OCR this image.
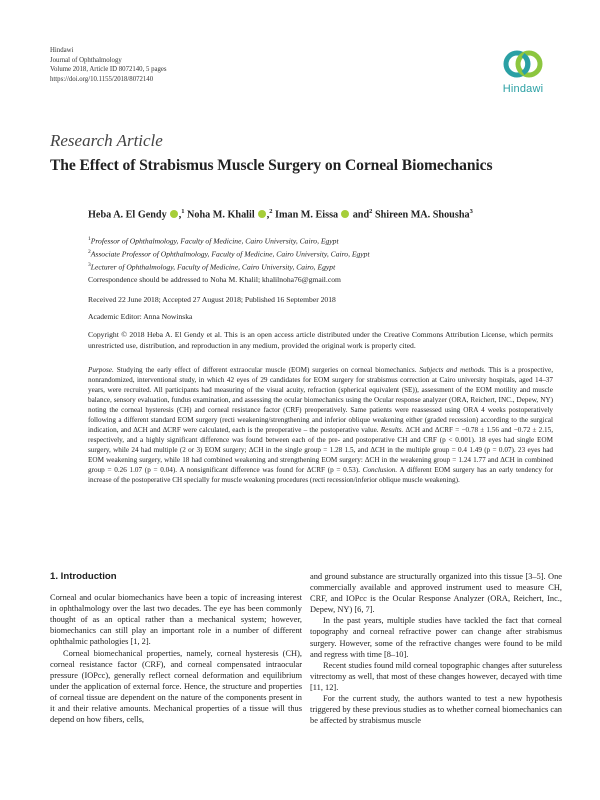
Hindawi
Journal of Ophthalmology
Volume 2018, Article ID 8072140, 5 pages
https://doi.org/10.1155/2018/8072140
Hindawi
Research Article
The Effect of Strabismus Muscle Surgery on Corneal Biomechanics
Heba A. El Gendy ,$^1$ Noha M. Khalil ,$^2$ Iman M. Eissa and$^2$ Shireen MA. Shousha$^3$
$^1$Professor of Ophthalmology, Faculty of Medicine, Cairo University, Cairo, Egypt
$^2$Associate Professor of Ophthalmology, Faculty of Medicine, Cairo University, Cairo, Egypt
$^3$Lecturer of Ophthalmology, Faculty of Medicine, Cairo University, Cairo, Egypt
Correspondence should be addressed to Noha M. Khalil; khalilnoha76@gmail.com
Received 22 June 2018; Accepted 27 August 2018; Published 16 September 2018
Academic Editor: Anna Nowinska
Copyright © 2018 Heba A. El Gendy et al. This is an open access article distributed under the Creative Commons Attribution License, which permits unrestricted use, distribution, and reproduction in any medium, provided the original work is properly cited.
Purpose. Studying the early effect of different extraocular muscle (EOM) surgeries on corneal biomechanics. Subjects and methods. This is a prospective, nonrandomized, interventional study, in which 42 eyes of 29 candidates for EOM surgery for strabismus correction at Cairo university hospitals, aged 14–37 years, were recruited. All participants had measuring of the visual acuity, refraction (spherical equivalent (SE)), assessment of the EOM motility and muscle balance, sensory evaluation, fundus examination, and assessing the ocular biomechanics using the Ocular response analyzer (ORA, Reichert, INC., Depew, NY) noting the corneal hysteresis (CH) and corneal resistance factor (CRF) preoperatively. Same patients were reassessed using ORA 4 weeks postoperatively following a different standard EOM surgery (recti weakening/strengthening and inferior oblique weakening either (graded recession) according to the surgical indication, and ΔCH and ΔCRF were calculated, each is the preoperative – the postoperative value. Results. ΔCH and ΔCRF = −0.78 ± 1.56 and −0.72 ± 2.15, respectively, and a highly significant difference was found between each of the pre- and postoperative CH and CRF (p < 0.001). 18 eyes had single EOM surgery, while 24 had multiple (2 or 3) EOM surgery; ΔCH in the single group = 1.28 1.5, and ΔCH in the multiple group = 0.4 1.49 (p = 0.07). 23 eyes had EOM weakening surgery, while 18 had combined weakening and strengthening EOM surgery: ΔCH in the weakening group = 1.24 1.77 and ΔCH in combined group = 0.26 1.07 (p = 0.04). A nonsignificant difference was found for ΔCRF (p = 0.53). Conclusion. A different EOM surgery has an early tendency for increase of the postoperative CH specially for muscle weakening procedures (recti recession/inferior oblique muscle weakening).
1. Introduction

Corneal and ocular biomechanics have been a topic of increasing interest in ophthalmology over the last two decades. The eye has been commonly thought of as an optical rather than a mechanical system; however, biomechanics can still play an important role in a number of different ophthalmic pathologies [1, 2].

Corneal biomechanical properties, namely, corneal hysteresis (CH), corneal resistance factor (CRF), and corneal compensated intraocular pressure (IOPcc), generally reflect corneal deformation and equilibrium under the application of external force. Hence, the structure and properties of corneal tissue are dependent on the nature of the components present in it and their relative amounts. Mechanical properties of a tissue will thus depend on how fibers, cells,

and ground substance are structurally organized into this tissue [3–5]. One commercially available and approved instrument used to measure CH, CRF, and IOPcc is the Ocular Response Analyzer (ORA, Reichert, Inc., Depew, NY) [6, 7].

In the past years, multiple studies have tackled the fact that corneal topography and corneal refractive power can change after strabismus surgery. However, some of the refractive changes were found to be mild and regress with time [8–10].

Recent studies found mild corneal topographic changes after sutureless vitrectomy as well, that most of these changes however, decayed with time [11, 12].

For the current study, the authors wanted to test a new hypothesis triggered by these previous studies as to whether corneal biomechanics can be affected by strabismus muscle
